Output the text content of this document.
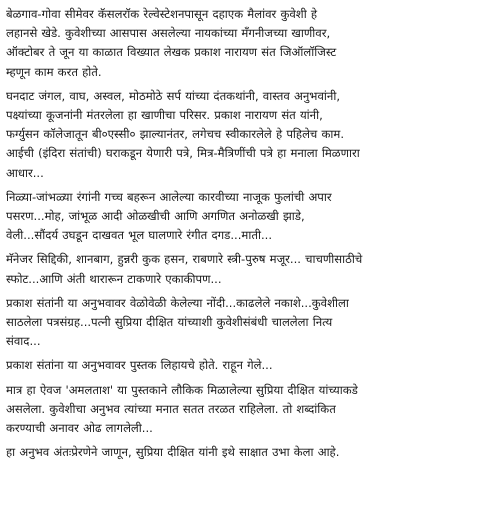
बेळगाव-गोवा सीमेवर कॅसलरॉक रेल्वेस्टेशनपासून दहाएक मैलांवर कुवेशी हे
लहानसे खेडे. कुवेशीच्या आसपास असलेल्या नायकांच्या मॅंगनीजच्या खाणीवर,
ऑक्टोबर ते जून या काळात विख्यात लेखक प्रकाश नारायण संत जिऑलॉजिस्ट
म्हणून काम करत होते.

घनदाट जंगल, वाघ, अस्वल, मोठमोठे सर्प यांच्या दंतकथांनी, वास्तव अनुभवांनी,
पक्ष्यांच्या कूजनांनी मंतरलेला हा खाणीचा परिसर. प्रकाश नारायण संत यांनी,
फर्ग्युसन कॉलेजातून बी०एस्सी० झाल्यानंतर, लगेचच स्वीकारलेले हे पहिलेच काम.
आईची (इंदिरा संतांची) घराकडून येणारी पत्रे, मित्र-मैत्रिणींची पत्रे हा मनाला मिळणारा
आधार...

निळ्या-जांभळ्या रंगांनी गच्च बहरून आलेल्या कारवीच्या नाजूक फुलांची अपार
पसरण...मोह, जांभूळ आदी ओळखीची आणि अगणित अनोळखी झाडे,
वेली...सौंदर्य उघडून दाखवत भूल घालणारे रंगीत दगड...माती...

मॅनेजर सिद्दिकी, शानबाग, हुन्नरी कुक हसन, राबणारे स्त्री-पुरुष मजूर... चाचणीसाठीचे
स्फोट...आणि अंती थारारून टाकणारे एकाकीपण...

प्रकाश संतांनी या अनुभवावर वेळोवेळी केलेल्या नोंदी...काढलेले नकाशे...कुवेशीला
साठलेला पत्रसंग्रह...पत्नी सुप्रिया दीक्षित यांच्याशी कुवेशीसंबंधी चाललेला नित्य
संवाद...

प्रकाश संतांना या अनुभवावर पुस्तक लिहायचे होते. राहून गेले...

मात्र हा ऐवज 'अमलताश' या पुस्तकाने लौकिक मिळालेल्या सुप्रिया दीक्षित यांच्याकडे
असलेला. कुवेशीचा अनुभव त्यांच्या मनात सतत तरळत राहिलेला. तो शब्दांकित
करण्याची अनावर ओढ लागलेली...

हा अनुभव अंतःप्रेरणेने जाणून, सुप्रिया दीक्षित यांनी इथे साक्षात उभा केला आहे.
